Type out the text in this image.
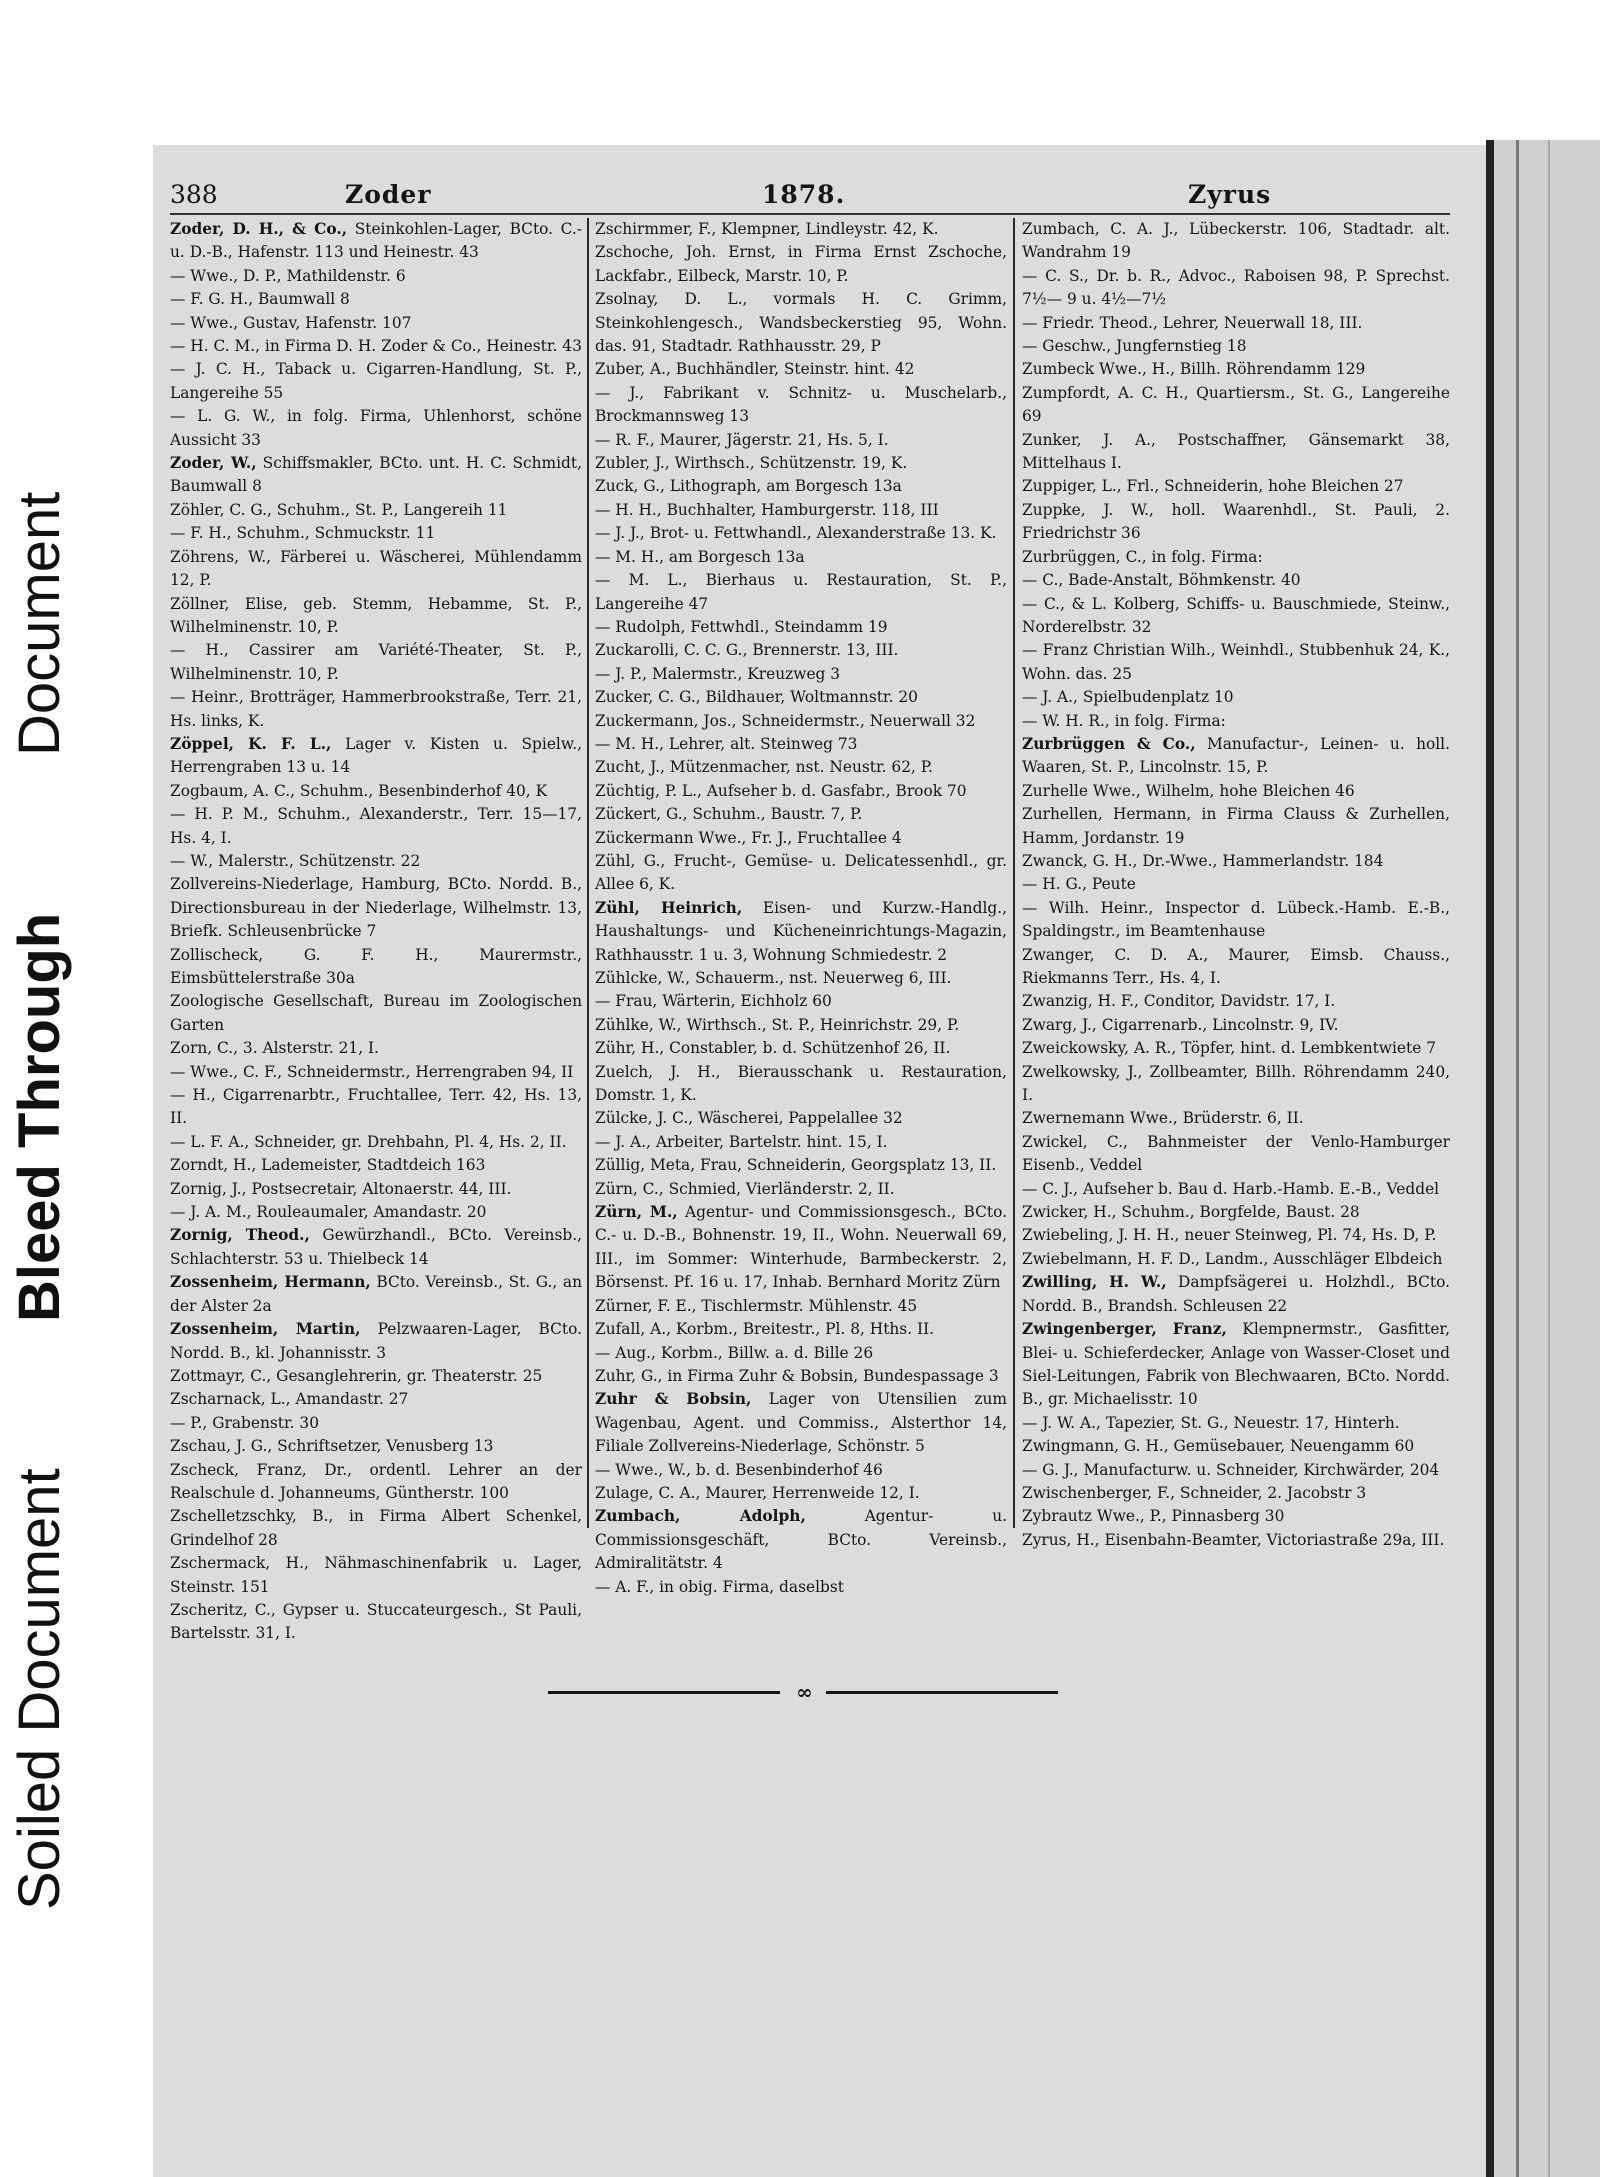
Soiled Document
Bleed Through
Document
388	Zoder	1878.	Zyrus
Zoder, D. H., & Co., Steinkohlen-Lager, BCto. C.- u. D.-B., Hafenstr. 113 und Heinestr. 43
— Wwe., D. P., Mathildenstr. 6
— F. G. H., Baumwall 8
— Wwe., Gustav, Hafenstr. 107
— H. C. M., in Firma D. H. Zoder & Co., Heinestr. 43
— J. C. H., Taback u. Cigarren-Handlung, St. P., Langereihe 55
— L. G. W., in folg. Firma, Uhlenhorst, schöne Aussicht 33
Zoder, W., Schiffsmakler, BCto. unt. H. C. Schmidt, Baumwall 8
Zöhler, C. G., Schuhm., St. P., Langereih 11
— F. H., Schuhm., Schmuckstr. 11
Zöhrens, W., Färberei u. Wäscherei, Mühlendamm 12, P.
Zöllner, Elise, geb. Stemm, Hebamme, St. P., Wilhelminenstr. 10, P.
— H., Cassirer am Variété-Theater, St. P., Wilhelminenstr. 10, P.
— Heinr., Brotträger, Hammerbrookstraße, Terr. 21, Hs. links, K.
Zöppel, K. F. L., Lager v. Kisten u. Spielw., Herrengraben 13 u. 14
Zogbaum, A. C., Schuhm., Besenbinderhof 40, K
— H. P. M., Schuhm., Alexanderstr., Terr. 15—17, Hs. 4, I.
— W., Malerstr., Schützenstr. 22
Zollvereins-Niederlage, Hamburg, BCto. Nordd. B., Directionsbureau in der Niederlage, Wilhelmstr. 13, Briefk. Schleusenbrücke 7
Zollischeck, G. F. H., Maurermstr., Eimsbüttelerstraße 30a
Zoologische Gesellschaft, Bureau im Zoologischen Garten
Zorn, C., 3. Alsterstr. 21, I.
— Wwe., C. F., Schneidermstr., Herrengraben 94, II
— H., Cigarrenarbtr., Fruchtallee, Terr. 42, Hs. 13, II.
— L. F. A., Schneider, gr. Drehbahn, Pl. 4, Hs. 2, II.
Zorndt, H., Lademeister, Stadtdeich 163
Zornig, J., Postsecretair, Altonaerstr. 44, III.
— J. A. M., Rouleaumaler, Amandastr. 20
Zornig, Theod., Gewürzhandl., BCto. Vereinsb., Schlachterstr. 53 u. Thielbeck 14
Zossenheim, Hermann, BCto. Vereinsb., St. G., an der Alster 2a
Zossenheim, Martin, Pelzwaaren-Lager, BCto. Nordd. B., kl. Johannisstr. 3
Zottmayr, C., Gesanglehrerin, gr. Theaterstr. 25
Zscharnack, L., Amandastr. 27
— P., Grabenstr. 30
Zschau, J. G., Schriftsetzer, Venusberg 13
Zscheck, Franz, Dr., ordentl. Lehrer an der Realschule d. Johanneums, Güntherstr. 100
Zschelletzschky, B., in Firma Albert Schenkel, Grindelhof 28
Zschermack, H., Nähmaschinenfabrik u. Lager, Steinstr. 151
Zscheritz, C., Gypser u. Stuccateurgesch., St Pauli, Bartelsstr. 31, I.
Zschirmmer, F., Klempner, Lindleystr. 42, K.
Zschoche, Joh. Ernst, in Firma Ernst Zschoche, Lackfabr., Eilbeck, Marstr. 10, P.
Zsolnay, D. L., vormals H. C. Grimm, Steinkohlengesch., Wandsbeckerstieg 95, Wohn. das. 91, Stadtadr. Rathhausstr. 29, P
Zuber, A., Buchhändler, Steinstr. hint. 42
— J., Fabrikant v. Schnitz- u. Muschelarb., Brockmannsweg 13
— R. F., Maurer, Jägerstr. 21, Hs. 5, I.
Zubler, J., Wirthsch., Schützenstr. 19, K.
Zuck, G., Lithograph, am Borgesch 13a
— H. H., Buchhalter, Hamburgerstr. 118, III
— J. J., Brot- u. Fettwhandl., Alexanderstraße 13. K.
— M. H., am Borgesch 13a
— M. L., Bierhaus u. Restauration, St. P., Langereihe 47
— Rudolph, Fettwhdl., Steindamm 19
Zuckarolli, C. C. G., Brennerstr. 13, III.
— J. P., Malermstr., Kreuzweg 3
Zucker, C. G., Bildhauer, Woltmannstr. 20
Zuckermann, Jos., Schneidermstr., Neuerwall 32
— M. H., Lehrer, alt. Steinweg 73
Zucht, J., Mützenmacher, nst. Neustr. 62, P.
Züchtig, P. L., Aufseher b. d. Gasfabr., Brook 70
Zückert, G., Schuhm., Baustr. 7, P.
Zückermann Wwe., Fr. J., Fruchtallee 4
Zühl, G., Frucht-, Gemüse- u. Delicatessenhdl., gr. Allee 6, K.
Zühl, Heinrich, Eisen- und Kurzw.-Handlg., Haushaltungs- und Kücheneinrichtungs-Magazin, Rathhausstr. 1 u. 3, Wohnung Schmiedestr. 2
Zühlcke, W., Schauerm., nst. Neuerweg 6, III.
— Frau, Wärterin, Eichholz 60
Zühlke, W., Wirthsch., St. P., Heinrichstr. 29, P.
Zühr, H., Constabler, b. d. Schützenhof 26, II.
Zuelch, J. H., Bierausschank u. Restauration, Domstr. 1, K.
Zülcke, J. C., Wäscherei, Pappelallee 32
— J. A., Arbeiter, Bartelstr. hint. 15, I.
Züllig, Meta, Frau, Schneiderin, Georgsplatz 13, II.
Zürn, C., Schmied, Vierländerstr. 2, II.
Zürn, M., Agentur- und Commissionsgesch., BCto. C.- u. D.-B., Bohnenstr. 19, II., Wohn. Neuerwall 69, III., im Sommer: Winterhude, Barmbeckerstr. 2, Börsenst. Pf. 16 u. 17, Inhab. Bernhard Moritz Zürn
Zürner, F. E., Tischlermstr. Mühlenstr. 45
Zufall, A., Korbm., Breitestr., Pl. 8, Hths. II.
— Aug., Korbm., Billw. a. d. Bille 26
Zuhr, G., in Firma Zuhr & Bobsin, Bundespassage 3
Zuhr & Bobsin, Lager von Utensilien zum Wagenbau, Agent. und Commiss., Alsterthor 14, Filiale Zollvereins-Niederlage, Schönstr. 5
— Wwe., W., b. d. Besenbinderhof 46
Zulage, C. A., Maurer, Herrenweide 12, I.
Zumbach, Adolph, Agentur- u. Commissionsgeschäft, BCto. Vereinsb., Admiralitätstr. 4
— A. F., in obig. Firma, daselbst
Zumbach, C. A. J., Lübeckerstr. 106, Stadtadr. alt. Wandrahm 19
— C. S., Dr. b. R., Advoc., Raboisen 98, P. Sprechst. 7½— 9 u. 4½—7½
— Friedr. Theod., Lehrer, Neuerwall 18, III.
— Geschw., Jungfernstieg 18
Zumbeck Wwe., H., Billh. Röhrendamm 129
Zumpfordt, A. C. H., Quartiersm., St. G., Langereihe 69
Zunker, J. A., Postschaffner, Gänsemarkt 38, Mittelhaus I.
Zuppiger, L., Frl., Schneiderin, hohe Bleichen 27
Zuppke, J. W., holl. Waarenhdl., St. Pauli, 2. Friedrichstr 36
Zurbrüggen, C., in folg. Firma:
— C., Bade-Anstalt, Böhmkenstr. 40
— C., & L. Kolberg, Schiffs- u. Bauschmiede, Steinw., Norderelbstr. 32
— Franz Christian Wilh., Weinhdl., Stubbenhuk 24, K., Wohn. das. 25
— J. A., Spielbudenplatz 10
— W. H. R., in folg. Firma:
Zurbrüggen & Co., Manufactur-, Leinen- u. holl. Waaren, St. P., Lincolnstr. 15, P.
Zurhelle Wwe., Wilhelm, hohe Bleichen 46
Zurhellen, Hermann, in Firma Clauss & Zurhellen, Hamm, Jordanstr. 19
Zwanck, G. H., Dr.-Wwe., Hammerlandstr. 184
— H. G., Peute
— Wilh. Heinr., Inspector d. Lübeck.-Hamb. E.-B., Spaldingstr., im Beamtenhause
Zwanger, C. D. A., Maurer, Eimsb. Chauss., Riekmanns Terr., Hs. 4, I.
Zwanzig, H. F., Conditor, Davidstr. 17, I.
Zwarg, J., Cigarrenarb., Lincolnstr. 9, IV.
Zweickowsky, A. R., Töpfer, hint. d. Lembkentwiete 7
Zwelkowsky, J., Zollbeamter, Billh. Röhrendamm 240, I.
Zwernemann Wwe., Brüderstr. 6, II.
Zwickel, C., Bahnmeister der Venlo-Hamburger Eisenb., Veddel
— C. J., Aufseher b. Bau d. Harb.-Hamb. E.-B., Veddel
Zwicker, H., Schuhm., Borgfelde, Baust. 28
Zwiebeling, J. H. H., neuer Steinweg, Pl. 74, Hs. D, P.
Zwiebelmann, H. F. D., Landm., Ausschläger Elbdeich
Zwilling, H. W., Dampfsägerei u. Holzhdl., BCto. Nordd. B., Brandsh. Schleusen 22
Zwingenberger, Franz, Klempnermstr., Gasfitter, Blei- u. Schieferdecker, Anlage von Wasser-Closet und Siel-Leitungen, Fabrik von Blechwaaren, BCto. Nordd. B., gr. Michaelisstr. 10
— J. W. A., Tapezier, St. G., Neuestr. 17, Hinterh.
Zwingmann, G. H., Gemüsebauer, Neuengamm 60
— G. J., Manufacturw. u. Schneider, Kirchwärder, 204
Zwischenberger, F., Schneider, 2. Jacobstr 3
Zybrautz Wwe., P., Pinnasberg 30
Zyrus, H., Eisenbahn-Beamter, Victoriastraße 29a, III.
∞
